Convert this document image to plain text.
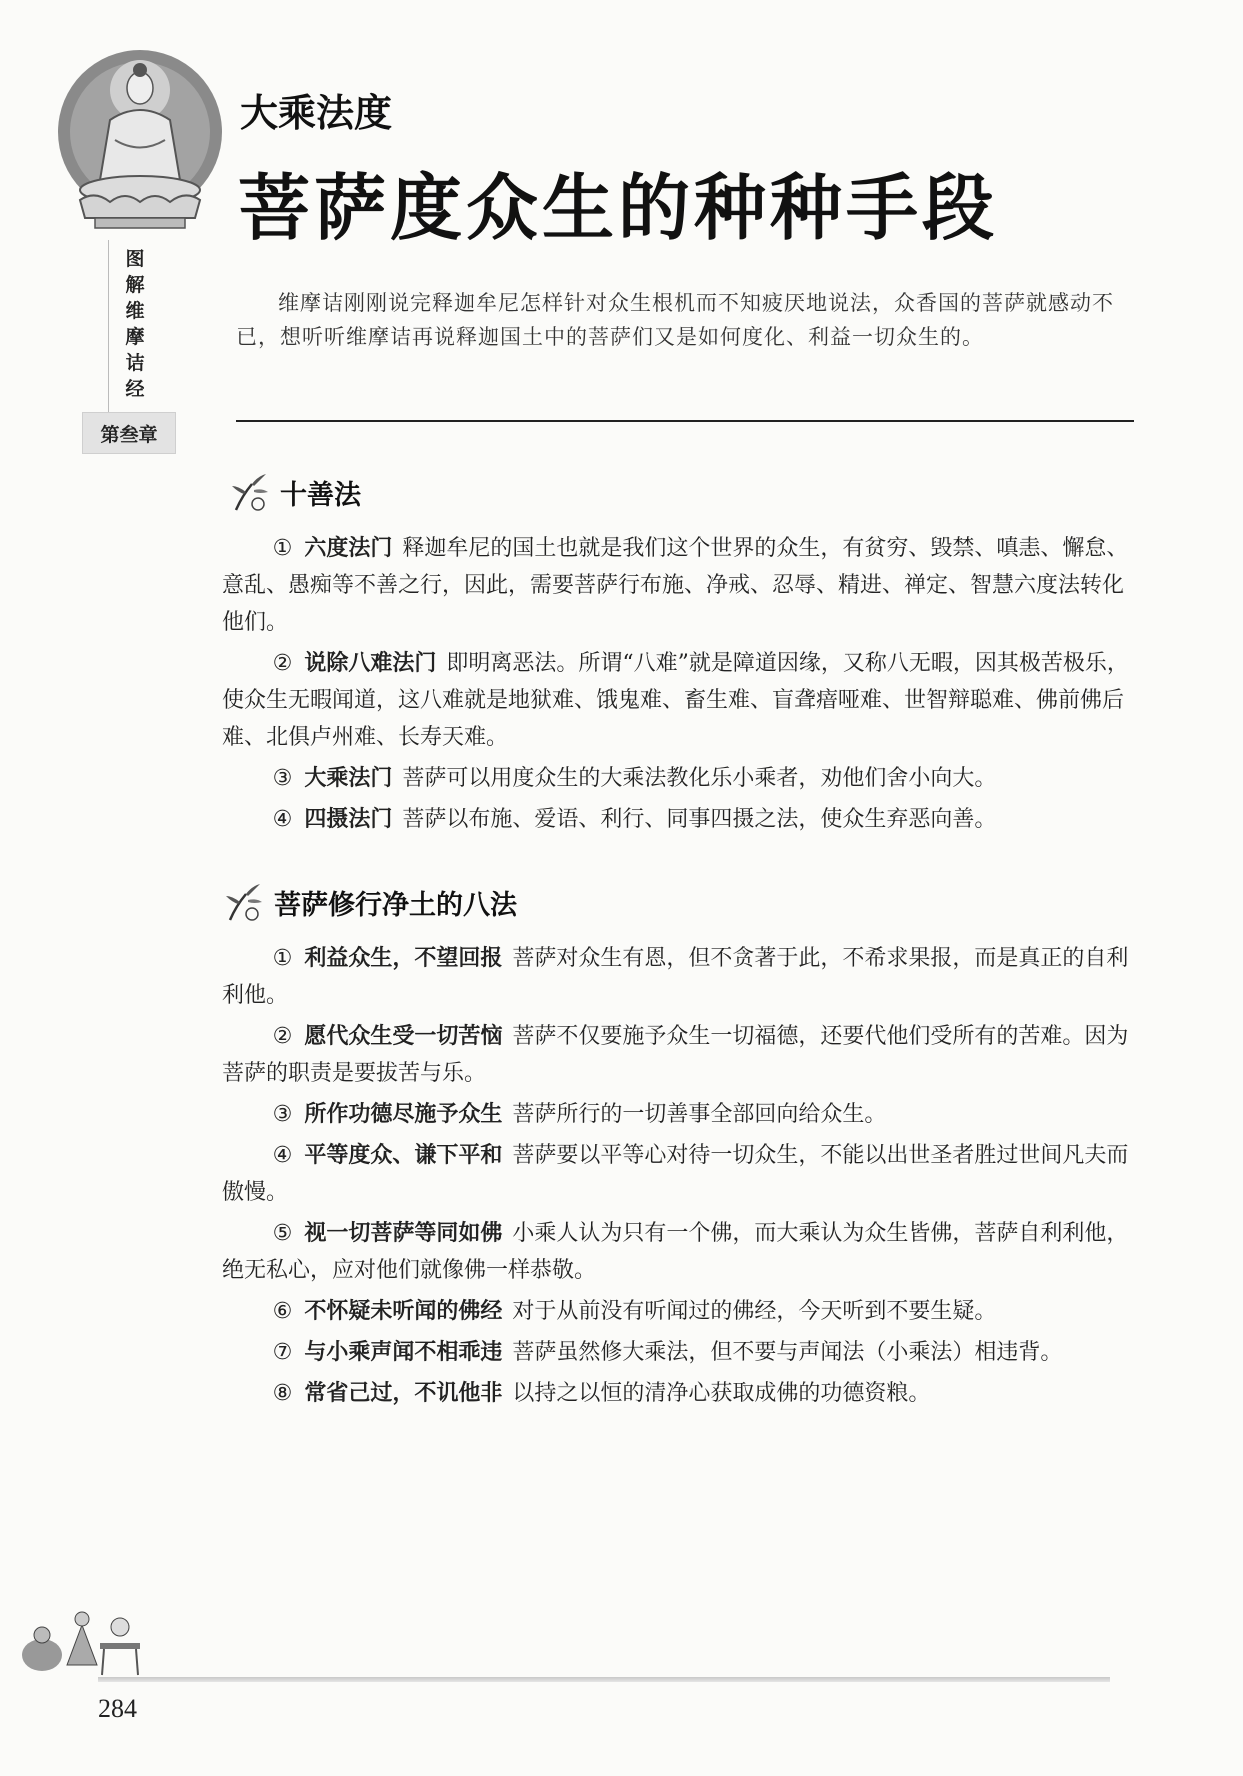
图
解
维
摩
诘
经
第叁章
大乘法度
菩萨度众生的种种手段
维摩诘刚刚说完释迦牟尼怎样针对众生根机而不知疲厌地说法，众香国的菩萨就感动不已，想听听维摩诘再说释迦国土中的菩萨们又是如何度化、利益一切众生的。
十善法
① 六度法门 释迦牟尼的国土也就是我们这个世界的众生，有贫穷、毁禁、嗔恚、懈怠、意乱、愚痴等不善之行，因此，需要菩萨行布施、净戒、忍辱、精进、禅定、智慧六度法转化他们。
② 说除八难法门 即明离恶法。所谓“八难”就是障道因缘，又称八无暇，因其极苦极乐，使众生无暇闻道，这八难就是地狱难、饿鬼难、畜生难、盲聋瘖哑难、世智辩聪难、佛前佛后难、北俱卢州难、长寿天难。
③ 大乘法门 菩萨可以用度众生的大乘法教化乐小乘者，劝他们舍小向大。
④ 四摄法门 菩萨以布施、爱语、利行、同事四摄之法，使众生弃恶向善。
菩萨修行净土的八法
① 利益众生，不望回报 菩萨对众生有恩，但不贪著于此，不希求果报，而是真正的自利利他。
② 愿代众生受一切苦恼 菩萨不仅要施予众生一切福德，还要代他们受所有的苦难。因为菩萨的职责是要拔苦与乐。
③ 所作功德尽施予众生 菩萨所行的一切善事全部回向给众生。
④ 平等度众、谦下平和 菩萨要以平等心对待一切众生，不能以出世圣者胜过世间凡夫而傲慢。
⑤ 视一切菩萨等同如佛 小乘人认为只有一个佛，而大乘认为众生皆佛，菩萨自利利他，绝无私心，应对他们就像佛一样恭敬。
⑥ 不怀疑未听闻的佛经 对于从前没有听闻过的佛经，今天听到不要生疑。
⑦ 与小乘声闻不相乖违 菩萨虽然修大乘法，但不要与声闻法（小乘法）相违背。
⑧ 常省己过，不讥他非 以持之以恒的清净心获取成佛的功德资粮。
284
